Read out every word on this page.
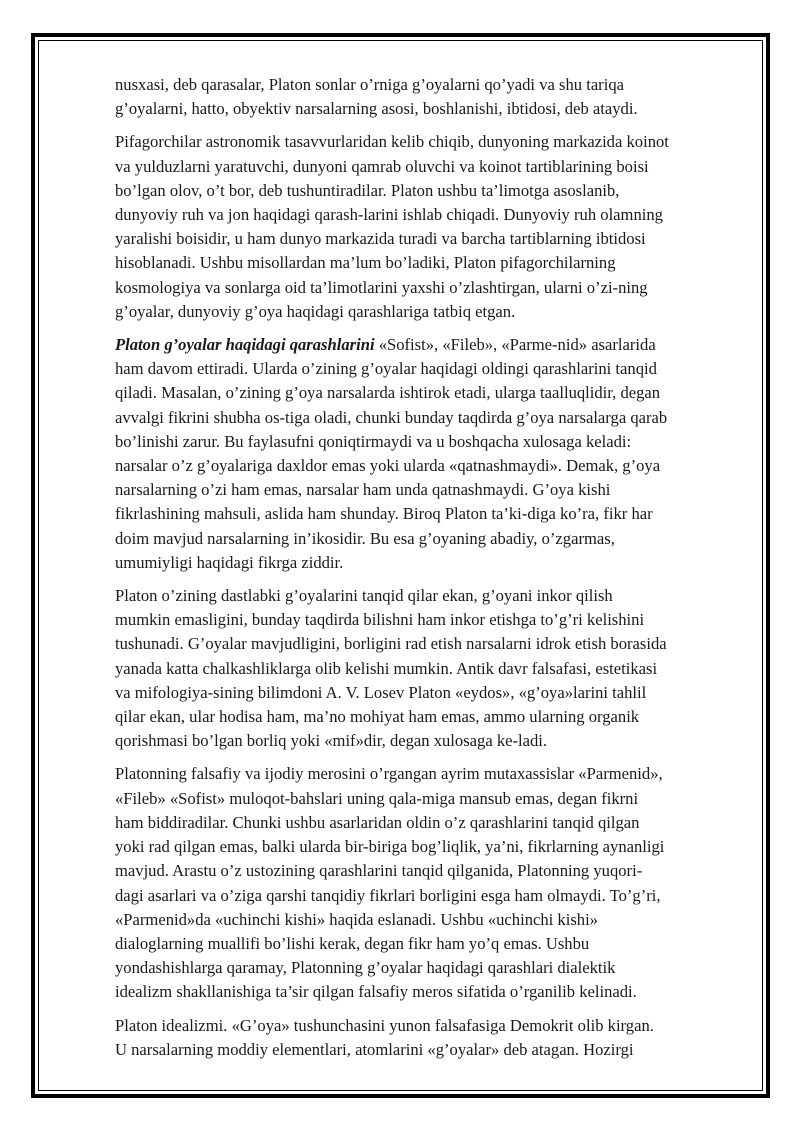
nusxasi, deb qarasalar, Platon sonlar o’rniga g’oyalarni qo’yadi va shu tariqa
g’oyalarni, hatto, obyektiv narsalarning asosi, boshlanishi, ibtidosi, deb ataydi.

Pifagorchilar astronomik tasavvurlaridan kelib chiqib, dunyoning markazida koinot
va yulduzlarni yaratuvchi, dunyoni qamrab oluvchi va koinot tartiblarining boisi
bo’lgan olov, o’t bor, deb tushuntiradilar. Platon ushbu ta’limotga asoslanib,
dunyoviy ruh va jon haqidagi qarash-larini ishlab chiqadi. Dunyoviy ruh olamning
yaralishi boisidir, u ham dunyo markazida turadi va barcha tartiblarning ibtidosi
hisoblanadi. Ushbu misollardan ma’lum bo’ladiki, Platon pifagorchilarning
kosmologiya va sonlarga oid ta’limotlarini yaxshi o’zlashtirgan, ularni o’zi-ning
g’oyalar, dunyoviy g’oya haqidagi qarashlariga tatbiq etgan.

Platon g’oyalar haqidagi qarashlarini «Sofist», «Fileb», «Parme-nid» asarlarida
ham davom ettiradi. Ularda o’zining g’oyalar haqidagi oldingi qarashlarini tanqid
qiladi. Masalan, o’zining g’oya narsalarda ishtirok etadi, ularga taalluqlidir, degan
avvalgi fikrini shubha os-tiga oladi, chunki bunday taqdirda g’oya narsalarga qarab
bo’linishi zarur. Bu faylasufni qoniqtirmaydi va u boshqacha xulosaga keladi:
narsalar o’z g’oyalariga daxldor emas yoki ularda «qatnashmaydi». Demak, g’oya
narsalarning o’zi ham emas, narsalar ham unda qatnashmaydi. G’oya kishi
fikrlashining mahsuli, aslida ham shunday. Biroq Platon ta’ki-diga ko’ra, fikr har
doim mavjud narsalarning in’ikosidir. Bu esa g’oyaning abadiy, o’zgarmas,
umumiyligi haqidagi fikrga ziddir.

Platon o’zining dastlabki g’oyalarini tanqid qilar ekan, g’oyani inkor qilish
mumkin emasligini, bunday taqdirda bilishni ham inkor etishga to’g’ri kelishini
tushunadi. G’oyalar mavjudligini, borligini rad etish narsalarni idrok etish borasida
yanada katta chalkashliklarga olib kelishi mumkin. Antik davr falsafasi, estetikasi
va mifologiya-sining bilimdoni A. V. Losev Platon «eydos», «g’oya»larini tahlil
qilar ekan, ular hodisa ham, ma’no mohiyat ham emas, ammo ularning organik
qorishmasi bo’lgan borliq yoki «mif»dir, degan xulosaga ke-ladi.

Platonning falsafiy va ijodiy merosini o’rgangan ayrim mutaxassislar «Parmenid»,
«Fileb» «Sofist» muloqot-bahslari uning qala-miga mansub emas, degan fikrni
ham biddiradilar. Chunki ushbu asarlaridan oldin o’z qarashlarini tanqid qilgan
yoki rad qilgan emas, balki ularda bir-biriga bog’liqlik, ya’ni, fikrlarning aynanligi
mavjud. Arastu o’z ustozining qarashlarini tanqid qilganida, Platonning yuqori-
dagi asarlari va o’ziga qarshi tanqidiy fikrlari borligini esga ham olmaydi. To’g’ri,
«Parmenid»da «uchinchi kishi» haqida eslanadi. Ushbu «uchinchi kishi»
dialoglarning muallifi bo’lishi kerak, degan fikr ham yo’q emas. Ushbu
yondashishlarga qaramay, Platonning g’oyalar haqidagi qarashlari dialektik
idealizm shakllanishiga ta’sir qilgan falsafiy meros sifatida o’rganilib kelinadi.

Platon idealizmi. «G’oya» tushunchasini yunon falsafasiga Demokrit olib kirgan.
U narsalarning moddiy elementlari, atomlarini «g’oyalar» deb atagan. Hozirgi
